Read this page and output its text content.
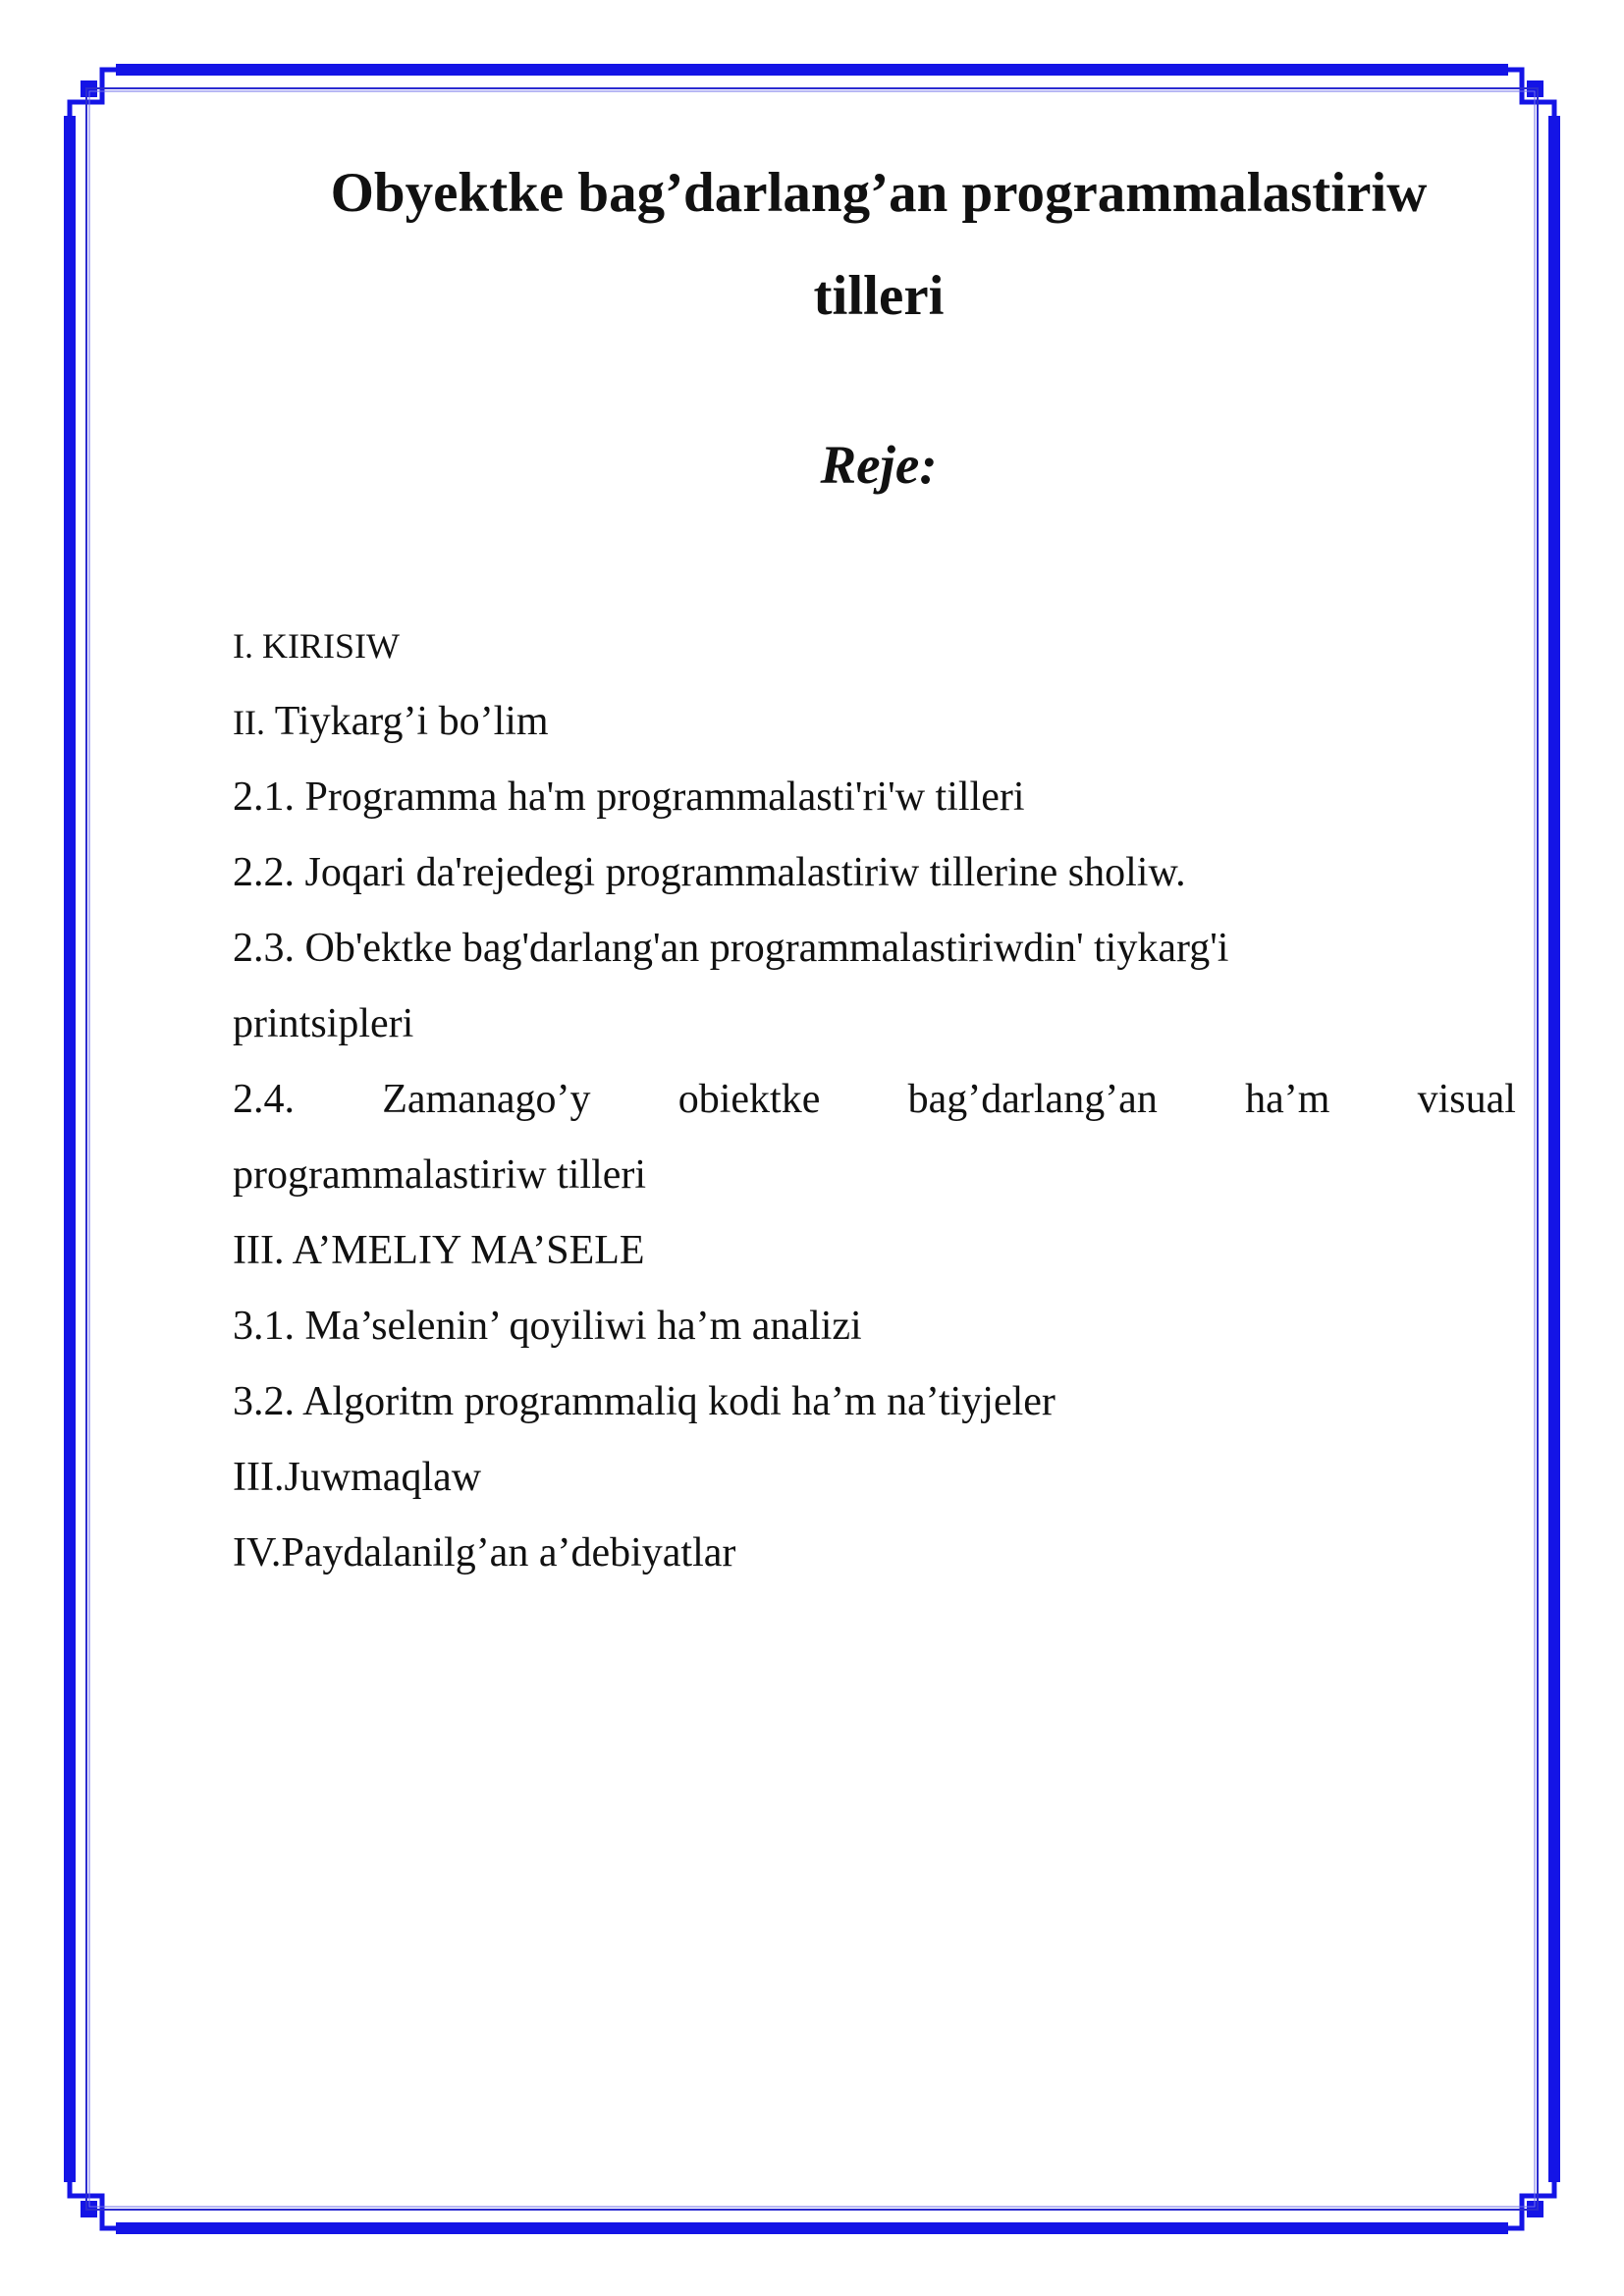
Obyektke bag’darlang’an programmalastiriw
tilleri
Reje:
I. KIRISIW
II. Tiykarg’i bo’lim
2.1. Programma ha'm programmalasti'ri'w tilleri
2.2. Joqari da'rejedegi programmalastiriw tillerine sholiw.
2.3. Ob'ektke bag'darlang'an programmalastiriwdin' tiykarg'i
printsipleri
2.4. Zamanago’y obiektke bag’darlang’an ha’m visual
programmalastiriw tilleri
III. A’MELIY MA’SELE
3.1. Ma’selenin’ qoyiliwi ha’m analizi
3.2. Algoritm programmaliq kodi ha’m na’tiyjeler
III.Juwmaqlaw
IV.Paydalanilg’an a’debiyatlar
